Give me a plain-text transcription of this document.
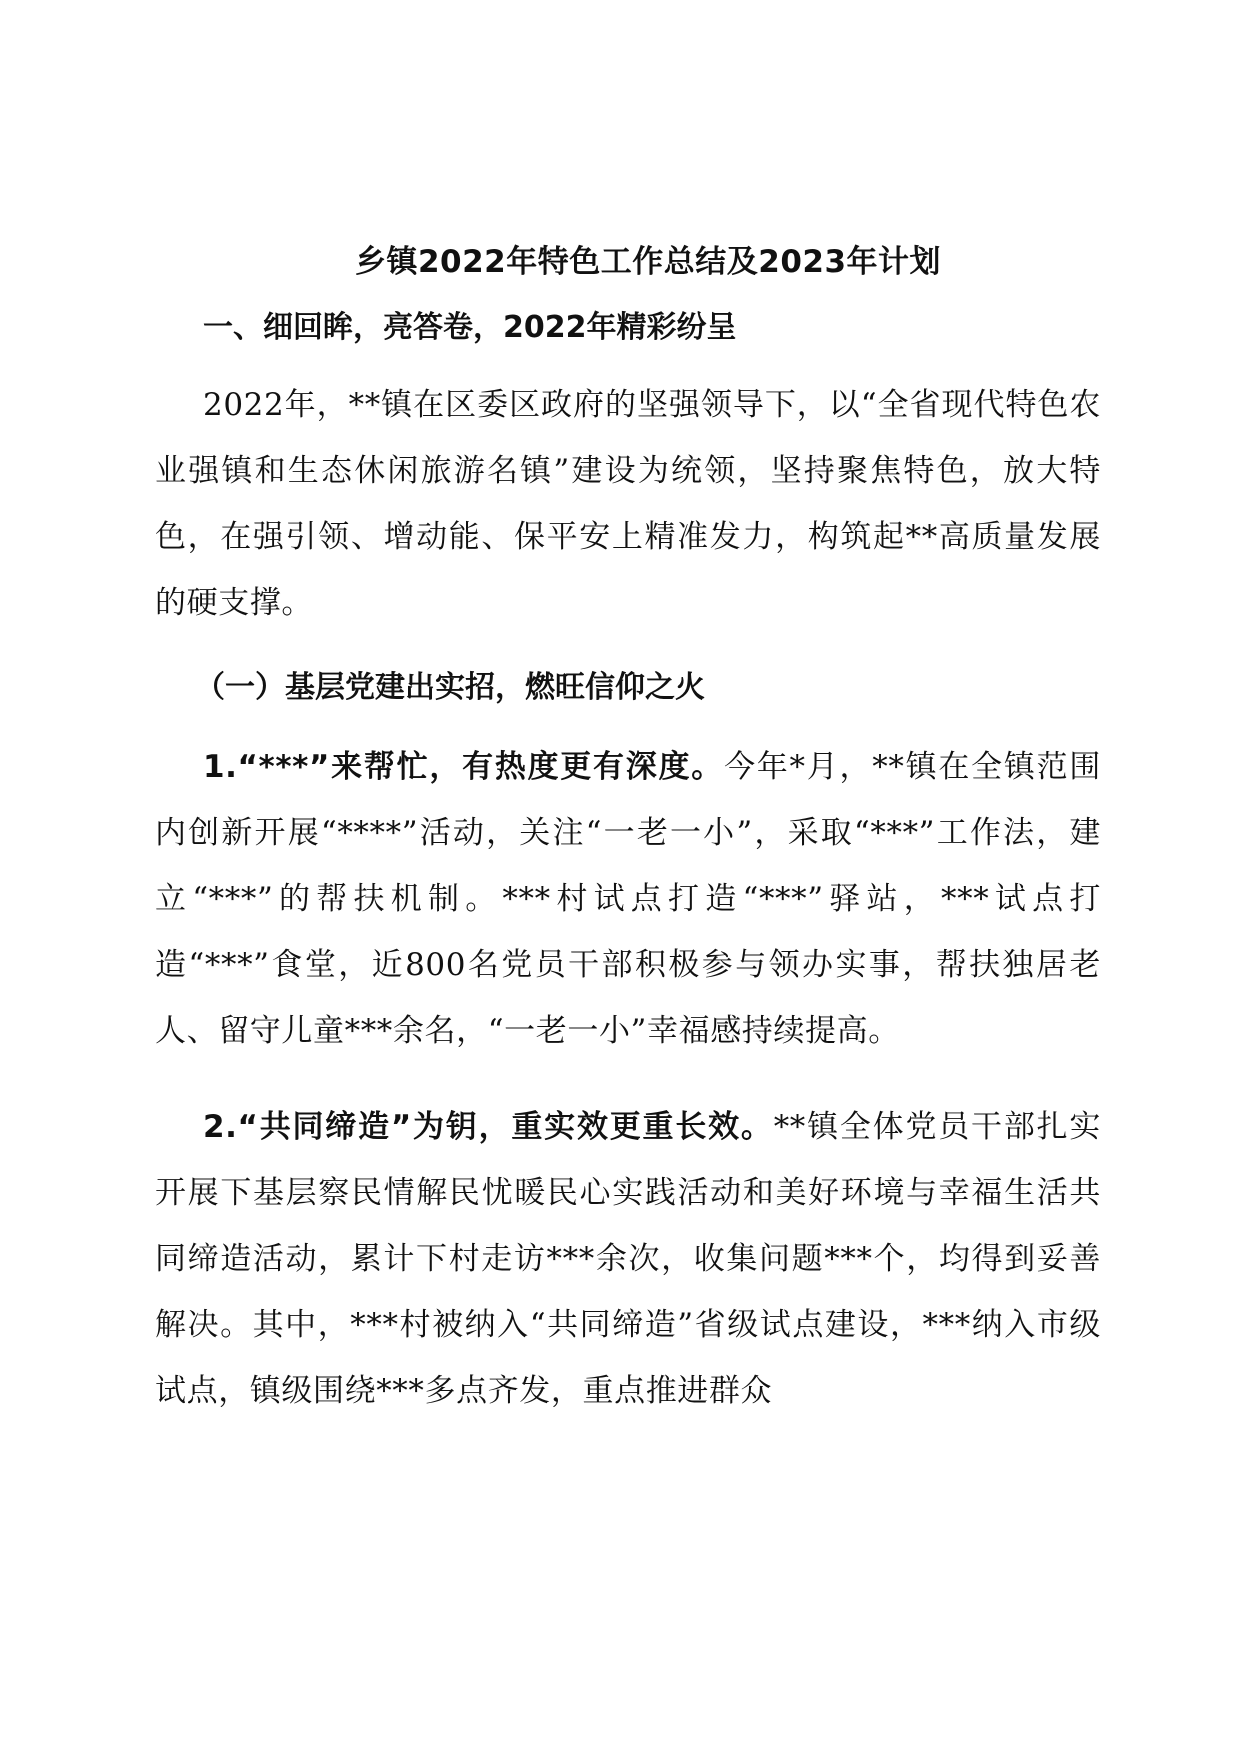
乡镇2022年特色工作总结及2023年计划
一、细回眸，亮答卷，2022年精彩纷呈

2022年，**镇在区委区政府的坚强领导下，以“全省现代特色农业强镇和生态休闲旅游名镇”建设为统领，坚持聚焦特色，放大特色，在强引领、增动能、保平安上精准发力，构筑起**高质量发展的硬支撑。

（一）基层党建出实招，燃旺信仰之火

1.“***”来帮忙，有热度更有深度。今年*月，**镇在全镇范围内创新开展“****”活动，关注“一老一小”，采取“***”工作法，建立“***”的帮扶机制。***村试点打造“***”驿站，***试点打造“***”食堂，近800名党员干部积极参与领办实事，帮扶独居老人、留守儿童***余名，“一老一小”幸福感持续提高。

2.“共同缔造”为钥，重实效更重长效。**镇全体党员干部扎实开展下基层察民情解民忧暖民心实践活动和美好环境与幸福生活共同缔造活动，累计下村走访***余次，收集问题***个，均得到妥善解决。其中，***村被纳入“共同缔造”省级试点建设，***纳入市级试点，镇级围绕***多点齐发，重点推进群众
